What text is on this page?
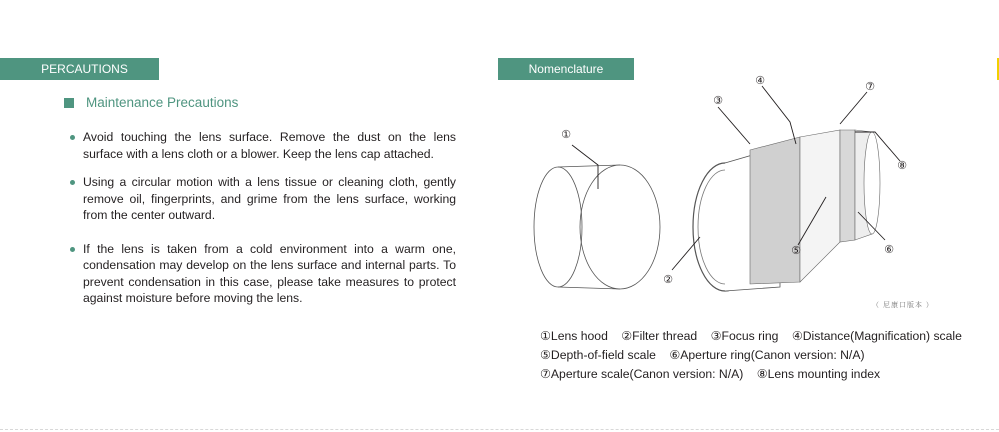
PERCAUTIONS
Maintenance Precautions
Avoid touching the lens surface. Remove the dust on the lens surface with a lens cloth or a blower. Keep the lens cap attached.
Using a circular motion with a lens tissue or cleaning cloth, gently remove oil, fingerprints, and grime from the lens surface, working from the center outward.
If the lens is taken from a cold environment into a warm one, condensation may develop on the lens surface and internal parts. To prevent condensation in this case, please take measures to protect against moisture before moving the lens.
Nomenclature
①
②
③
④
⑤	⑥
⑦
⑧
（ 尼康口版本 ）
①Lens hood ②Filter thread ③Focus ring ④Distance(Magnification) scale
⑤Depth-of-field scale ⑥Aperture ring(Canon version: N/A)
⑦Aperture scale(Canon version: N/A) ⑧Lens mounting index
